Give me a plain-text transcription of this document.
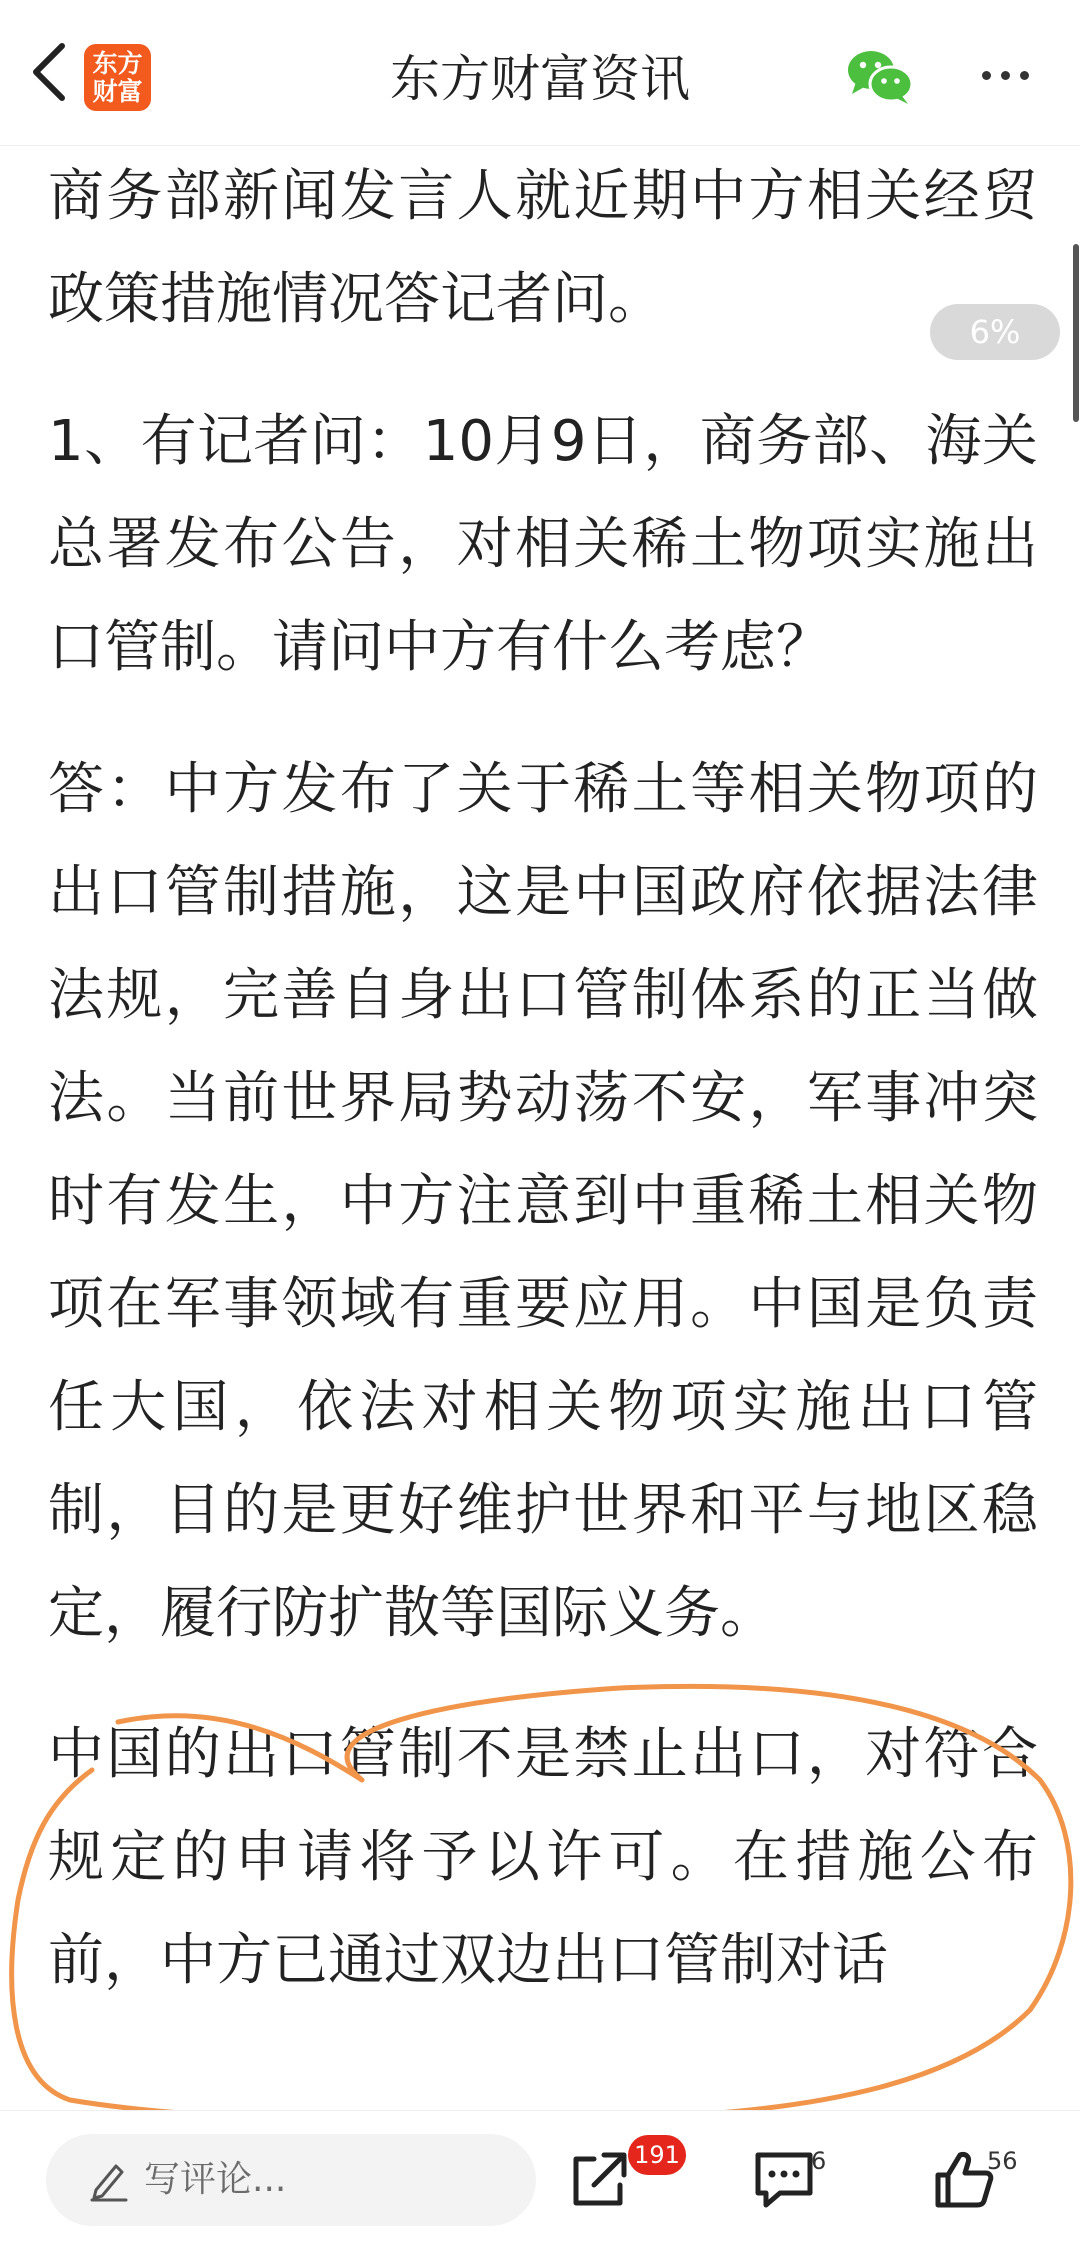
东方
财富	东方财富资讯

商务部新闻发言人就近期中方相关经贸政策措施情况答记者问。

1、有记者问：10月9日，商务部、海关总署发布公告，对相关稀土物项实施出口管制。请问中方有什么考虑？

答：中方发布了关于稀土等相关物项的出口管制措施，这是中国政府依据法律法规，完善自身出口管制体系的正当做法。当前世界局势动荡不安，军事冲突时有发生，中方注意到中重稀土相关物项在军事领域有重要应用。中国是负责任大国，依法对相关物项实施出口管制，目的是更好维护世界和平与地区稳定，履行防扩散等国际义务。

中国的出口管制不是禁止出口，对符合规定的申请将予以许可。在措施公布前，中方已通过双边出口管制对话

6%
写评论...
191	6	56
